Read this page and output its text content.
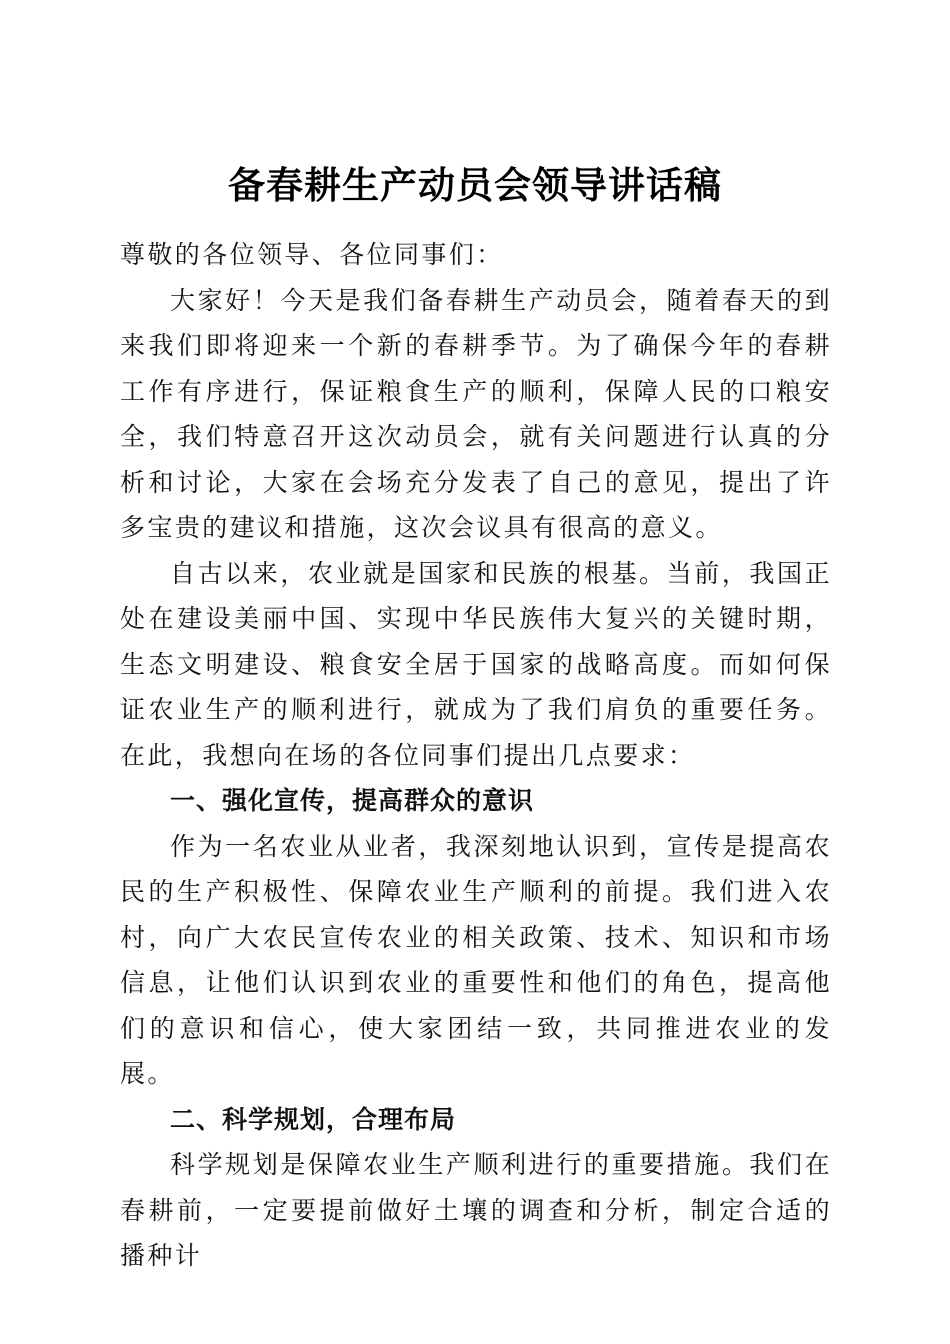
备春耕生产动员会领导讲话稿

尊敬的各位领导、各位同事们：

大家好！今天是我们备春耕生产动员会，随着春天的到来我们即将迎来一个新的春耕季节。为了确保今年的春耕工作有序进行，保证粮食生产的顺利，保障人民的口粮安全，我们特意召开这次动员会，就有关问题进行认真的分析和讨论，大家在会场充分发表了自己的意见，提出了许多宝贵的建议和措施，这次会议具有很高的意义。

自古以来，农业就是国家和民族的根基。当前，我国正处在建设美丽中国、实现中华民族伟大复兴的关键时期，生态文明建设、粮食安全居于国家的战略高度。而如何保证农业生产的顺利进行，就成为了我们肩负的重要任务。在此，我想向在场的各位同事们提出几点要求：

一、强化宣传，提高群众的意识

作为一名农业从业者，我深刻地认识到，宣传是提高农民的生产积极性、保障农业生产顺利的前提。我们进入农村，向广大农民宣传农业的相关政策、技术、知识和市场信息，让他们认识到农业的重要性和他们的角色，提高他们的意识和信心，使大家团结一致，共同推进农业的发展。

二、科学规划，合理布局

科学规划是保障农业生产顺利进行的重要措施。我们在春耕前，一定要提前做好土壤的调查和分析，制定合适的播种计
